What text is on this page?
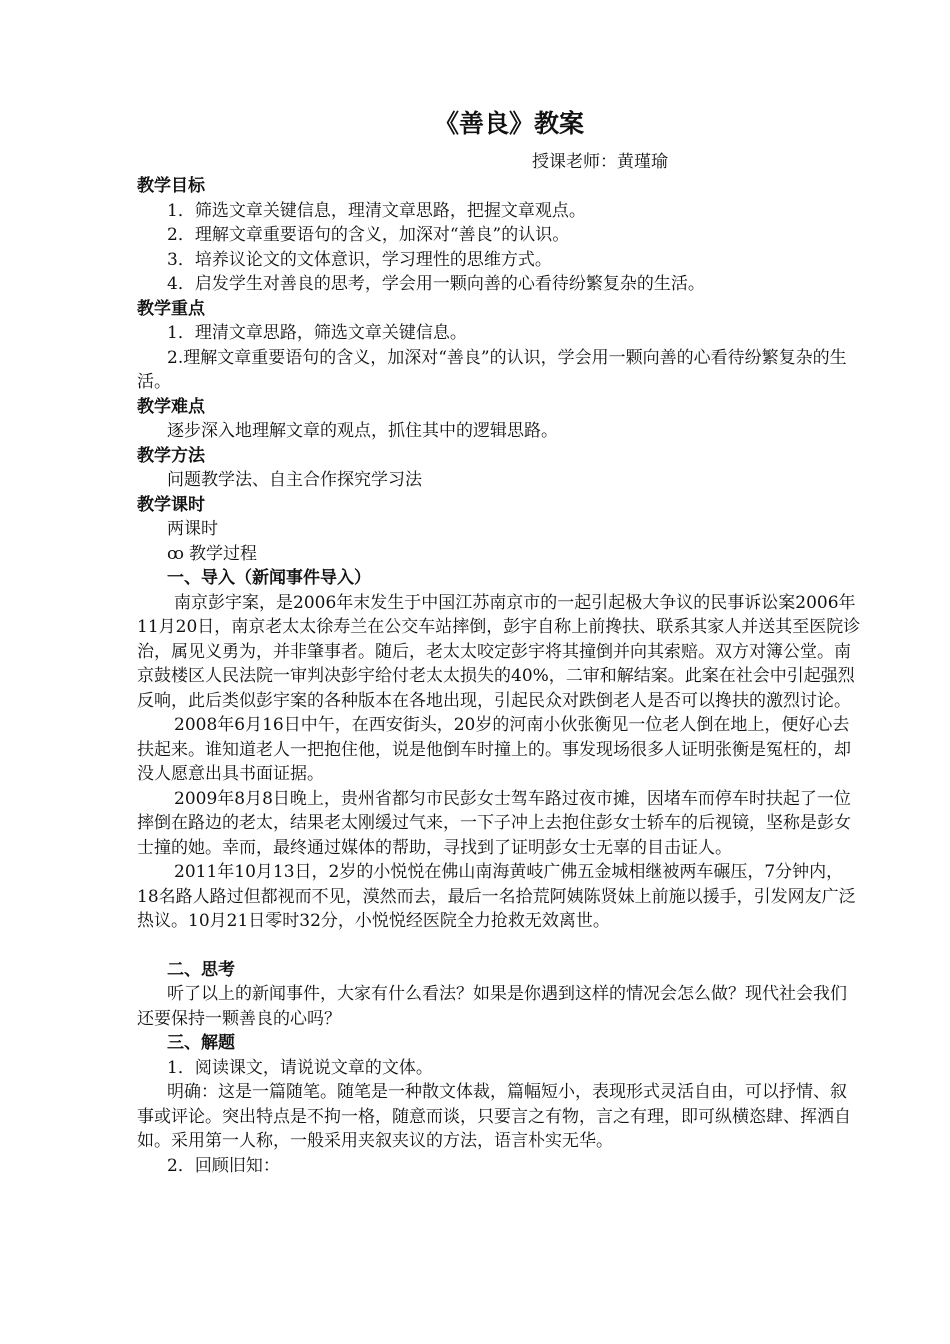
《善良》教案
授课老师：黄瑾瑜

教学目标

1．筛选文章关键信息，理清文章思路，把握文章观点。

2．理解文章重要语句的含义，加深对“善良”的认识。

3．培养议论文的文体意识，学习理性的思维方式。

4．启发学生对善良的思考，学会用一颗向善的心看待纷繁复杂的生活。

教学重点

1．理清文章思路，筛选文章关键信息。

2.理解文章重要语句的含义，加深对“善良”的认识，学会用一颗向善的心看待纷繁复杂的生活。

教学难点

逐步深入地理解文章的观点，抓住其中的逻辑思路。

教学方法

问题教学法、自主合作探究学习法

教学课时

两课时

ꝏ 教学过程

一、导入（新闻事件导入）

南京彭宇案，是2006年末发生于中国江苏南京市的一起引起极大争议的民事诉讼案2006年11月20日，南京老太太徐寿兰在公交车站摔倒，彭宇自称上前搀扶、联系其家人并送其至医院诊治，属见义勇为，并非肇事者。随后，老太太咬定彭宇将其撞倒并向其索赔。双方对簿公堂。南京鼓楼区人民法院一审判决彭宇给付老太太损失的40%，二审和解结案。此案在社会中引起强烈反响，此后类似彭宇案的各种版本在各地出现，引起民众对跌倒老人是否可以搀扶的激烈讨论。

2008年6月16日中午，在西安街头，20岁的河南小伙张衡见一位老人倒在地上，便好心去扶起来。谁知道老人一把抱住他，说是他倒车时撞上的。事发现场很多人证明张衡是冤枉的，却没人愿意出具书面证据。

2009年8月8日晚上，贵州省都匀市民彭女士驾车路过夜市摊，因堵车而停车时扶起了一位摔倒在路边的老太，结果老太刚缓过气来，一下子冲上去抱住彭女士轿车的后视镜，坚称是彭女士撞的她。幸而，最终通过媒体的帮助，寻找到了证明彭女士无辜的目击证人。

2011年10月13日，2岁的小悦悦在佛山南海黄岐广佛五金城相继被两车碾压，7分钟内，18名路人路过但都视而不见，漠然而去，最后一名拾荒阿姨陈贤妹上前施以援手，引发网友广泛热议。10月21日零时32分，小悦悦经医院全力抢救无效离世。

二、思考

听了以上的新闻事件，大家有什么看法？如果是你遇到这样的情况会怎么做？现代社会我们还要保持一颗善良的心吗？

三、解题

1．阅读课文，请说说文章的文体。

明确：这是一篇随笔。随笔是一种散文体裁，篇幅短小，表现形式灵活自由，可以抒情、叙事或评论。突出特点是不拘一格，随意而谈，只要言之有物，言之有理，即可纵横恣肆、挥洒自如。采用第一人称，一般采用夹叙夹议的方法，语言朴实无华。

2．回顾旧知：
